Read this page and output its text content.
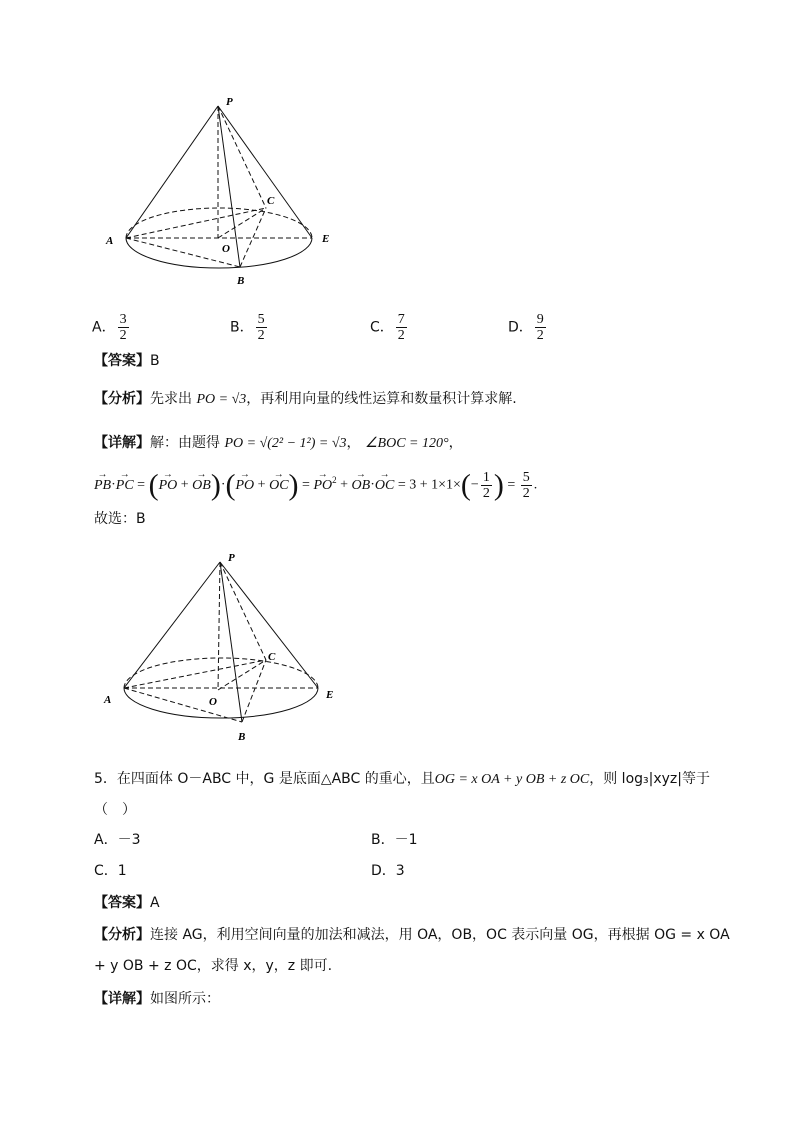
P
A	E
C
O
B
A． $\frac{3}{2}$	B． $\frac{5}{2}$	C． $\frac{7}{2}$	D． $\frac{9}{2}$
【答案】B
【分析】先求出 PO = √3，再利用向量的线性运算和数量积计算求解.
【详解】解：由题得 PO = √(2² − 1²) = √3， ∠BOC = 120°，
→ PB·→ PC = (→ PO + → OB)·(→ PO + → OC) = → $PO^2$ + → OB·→ OC = $3 + 1\times 1\times(- \frac{1}{2}$ ) = $\frac{5}{2}$ .
故选：B
P
A	E
C
O
B
5．在四面体 O－ABC 中，G 是底面△ABC 的重心，且OG = x OA + y OB + z OC，则 log₃|xyz|等于
（　）
A．－3	B．－1
C．1	D．3
【答案】A
【分析】连接 AG，利用空间向量的加法和减法，用 OA，OB，OC 表示向量 OG，再根据 OG = x OA
+ y OB + z OC，求得 x，y，z 即可.
【详解】如图所示：
